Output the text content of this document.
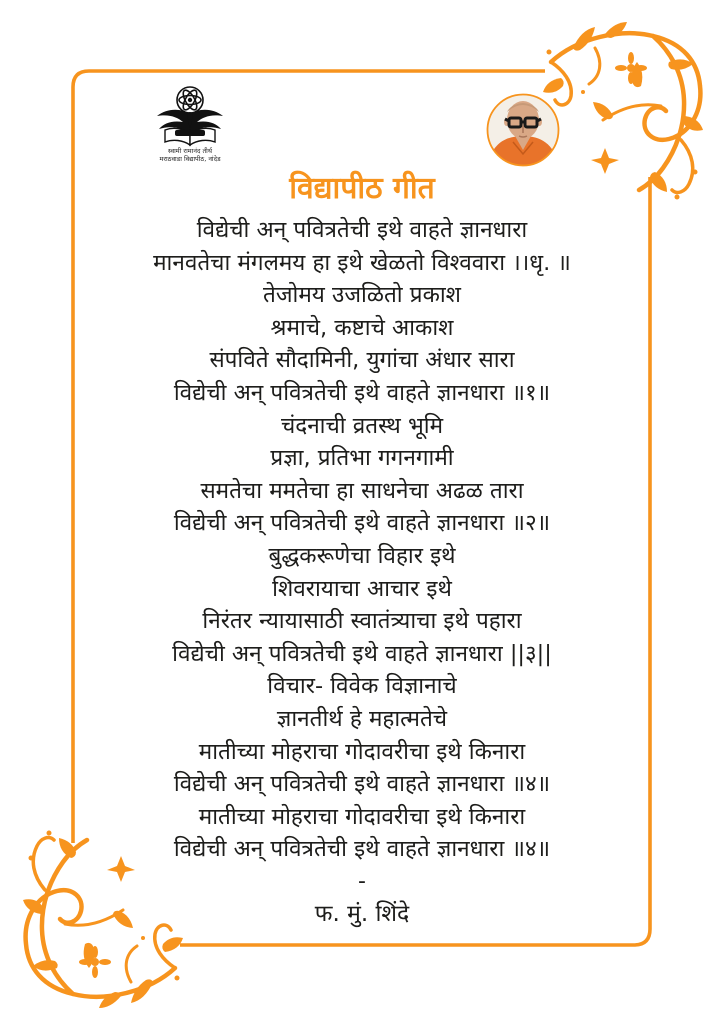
स्वामी रामानंद तीर्थ
मराठवाडा विद्यापीठ, नांदेड
विद्यापीठ गीत
विद्येची अन् पवित्रतेची इथे वाहते ज्ञानधारा
मानवतेचा मंगलमय हा इथे खेळतो विश्ववारा ।।धृ. ॥
तेजोमय उजळितो प्रकाश
श्रमाचे, कष्टाचे आकाश
संपविते सौदामिनी, युगांचा अंधार सारा
विद्येची अन् पवित्रतेची इथे वाहते ज्ञानधारा ॥१॥
चंदनाची व्रतस्थ भूमि
प्रज्ञा, प्रतिभा गगनगामी
समतेचा ममतेचा हा साधनेचा अढळ तारा
विद्येची अन् पवित्रतेची इथे वाहते ज्ञानधारा ॥२॥
बुद्धकरूणेचा विहार इथे
शिवरायाचा आचार इथे
निरंतर न्यायासाठी स्वातंत्र्याचा इथे पहारा
विद्येची अन् पवित्रतेची इथे वाहते ज्ञानधारा ||३||
विचार- विवेक विज्ञानाचे
ज्ञानतीर्थ हे महात्मतेचे
मातीच्या मोहराचा गोदावरीचा इथे किनारा
विद्येची अन् पवित्रतेची इथे वाहते ज्ञानधारा ॥४॥
मातीच्या मोहराचा गोदावरीचा इथे किनारा
विद्येची अन् पवित्रतेची इथे वाहते ज्ञानधारा ॥४॥
-
फ. मुं. शिंदे
